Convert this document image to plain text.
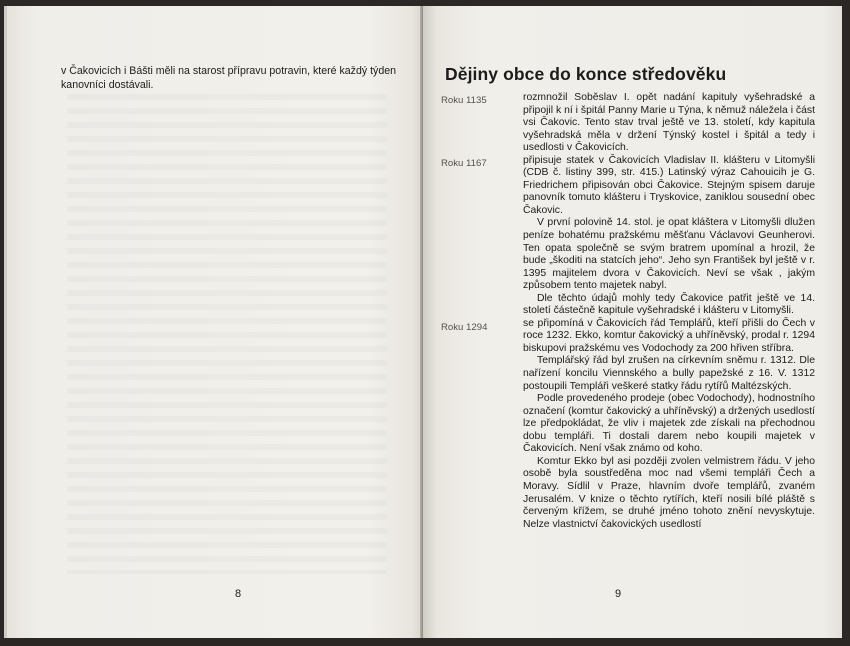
v Čakovicích i Bášti měli na starost přípravu potravin, které každý týden kanovníci dostávali.
8
Dějiny obce do konce středověku
Roku 1135
Roku 1167
Roku 1294

rozmnožil Soběslav I. opět nadání kapituly vyšehradské a připojil k ní i špitál Panny Marie u Týna, k němuž náležela i část vsi Čakovic. Tento stav trval ještě ve 13. století, kdy kapitula vyšehradská měla v držení Týnský kostel i špitál a tedy i usedlosti v Čakovicích.

připisuje statek v Čakovicích Vladislav II. klášteru v Litomyšli (CDB č. listiny 399, str. 415.) Latinský výraz Cahouicih je G. Friedrichem připisován obci Čakovice. Stejným spisem daruje panovník tomuto klášteru i Tryskovice, zaniklou sousední obec Čakovic.

V první polovině 14. stol. je opat kláštera v Litomyšli dlužen peníze bohatému pražskému měšťanu Václavovi Geunherovi. Ten opata společně se svým bratrem upomínal a hrozil, že bude „škoditi na statcích jeho“. Jeho syn František byl ještě v r. 1395 majitelem dvora v Čakovicích. Neví se však , jakým způsobem tento majetek nabyl.

Dle těchto údajů mohly tedy Čakovice patřit ještě ve 14. století částečně kapitule vyšehradské i klášteru v Litomyšli.

se připomíná v Čakovicích řád Templářů, kteří přišli do Čech v roce 1232. Ekko, komtur čakovický a uhříněvský, prodal r. 1294 biskupovi pražskému ves Vodochody za 200 hřiven stříbra.

Templářský řád byl zrušen na církevním sněmu r. 1312. Dle nařízení koncilu Viennského a bully papežské z 16. V. 1312 postoupili Templáři veškeré statky řádu rytířů Maltézských.

Podle provedeného prodeje (obec Vodochody), hodnostního označení (komtur čakovický a uhříněvský) a držených usedlostí lze předpokládat, že vliv i majetek zde získali na přechodnou dobu templáři. Ti dostali darem nebo koupili majetek v Čakovicích. Není však známo od koho.

Komtur Ekko byl asi později zvolen velmistrem řádu. V jeho osobě byla soustředěna moc nad všemi templáři Čech a Moravy. Sídlil v Praze, hlavním dvoře templářů, zvaném Jerusalém. V knize o těchto rytířích, kteří nosili bílé pláště s červeným křížem, se druhé jméno tohoto znění nevyskytuje. Nelze vlastnictví čakovických usedlostí

9
